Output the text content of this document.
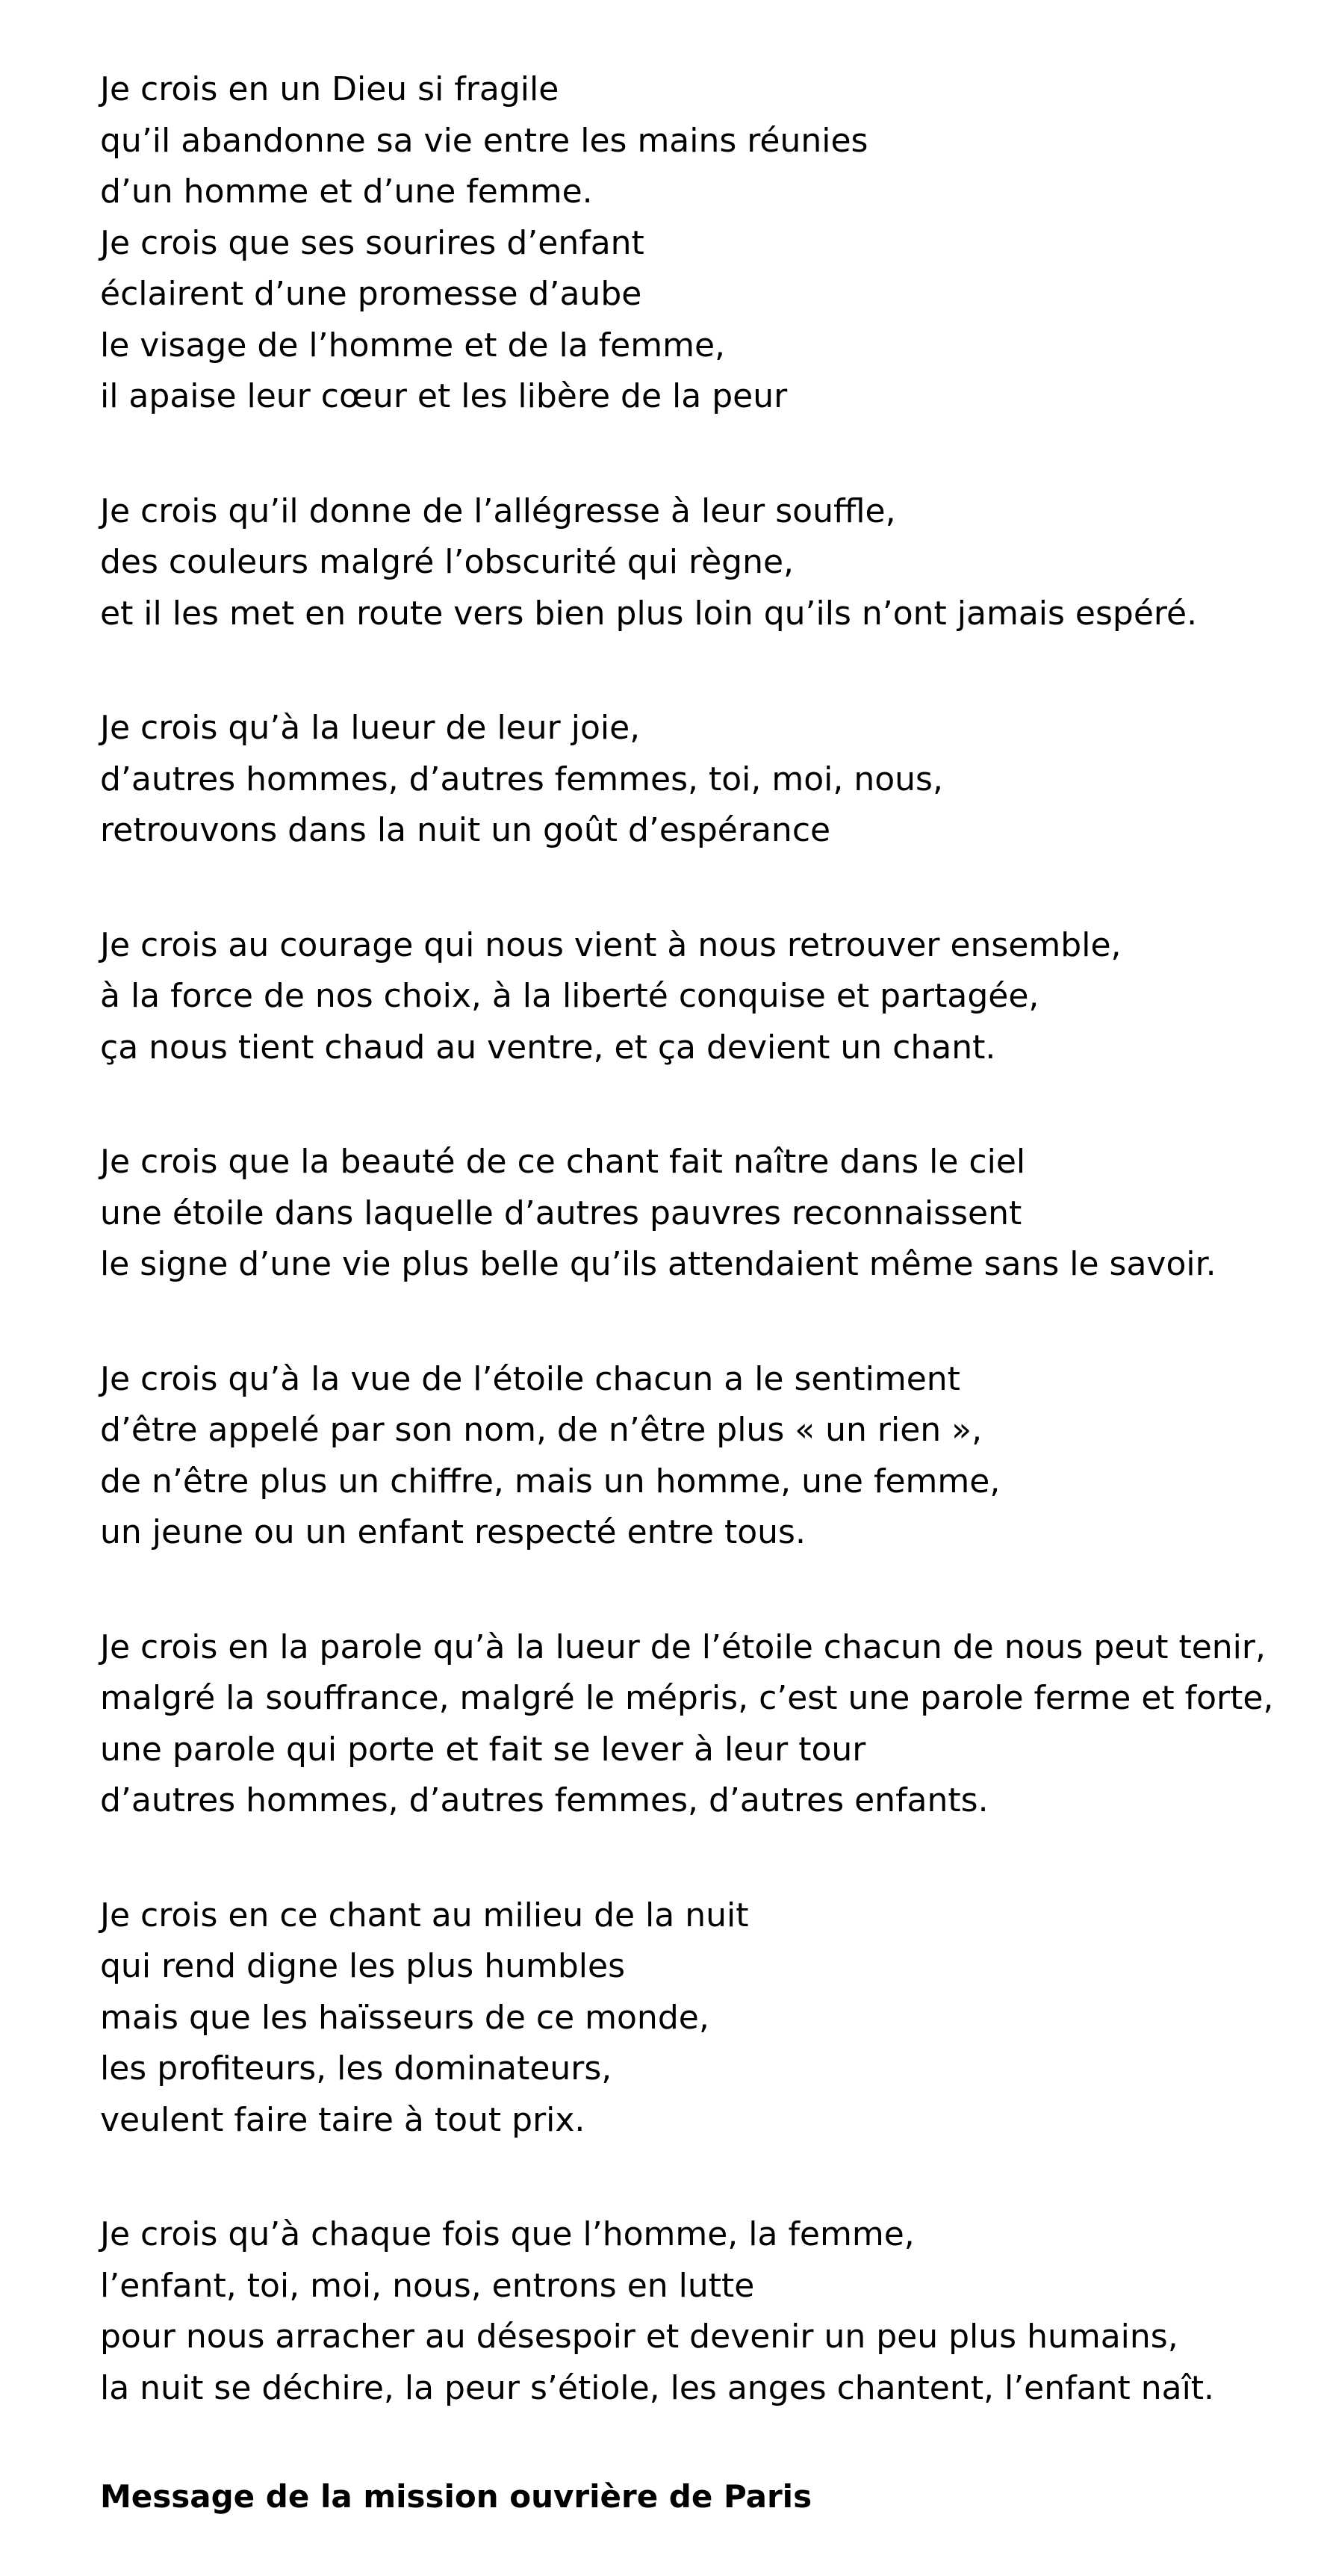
Je crois en un Dieu si fragile
qu’il abandonne sa vie entre les mains réunies
d’un homme et d’une femme.
Je crois que ses sourires d’enfant
éclairent d’une promesse d’aube
le visage de l’homme et de la femme,
il apaise leur cœur et les libère de la peur
Je crois qu’il donne de l’allégresse à leur souffle,
des couleurs malgré l’obscurité qui règne,
et il les met en route vers bien plus loin qu’ils n’ont jamais espéré.
Je crois qu’à la lueur de leur joie,
d’autres hommes, d’autres femmes, toi, moi, nous,
retrouvons dans la nuit un goût d’espérance
Je crois au courage qui nous vient à nous retrouver ensemble,
à la force de nos choix, à la liberté conquise et partagée,
ça nous tient chaud au ventre, et ça devient un chant.
Je crois que la beauté de ce chant fait naître dans le ciel
une étoile dans laquelle d’autres pauvres reconnaissent
le signe d’une vie plus belle qu’ils attendaient même sans le savoir.
Je crois qu’à la vue de l’étoile chacun a le sentiment
d’être appelé par son nom, de n’être plus « un rien »,
de n’être plus un chiffre, mais un homme, une femme,
un jeune ou un enfant respecté entre tous.
Je crois en la parole qu’à la lueur de l’étoile chacun de nous peut tenir,
malgré la souffrance, malgré le mépris, c’est une parole ferme et forte,
une parole qui porte et fait se lever à leur tour
d’autres hommes, d’autres femmes, d’autres enfants.
Je crois en ce chant au milieu de la nuit
qui rend digne les plus humbles
mais que les haïsseurs de ce monde,
les profiteurs, les dominateurs,
veulent faire taire à tout prix.
Je crois qu’à chaque fois que l’homme, la femme,
l’enfant, toi, moi, nous, entrons en lutte
pour nous arracher au désespoir et devenir un peu plus humains,
la nuit se déchire, la peur s’étiole, les anges chantent, l’enfant naît.
Message de la mission ouvrière de Paris
